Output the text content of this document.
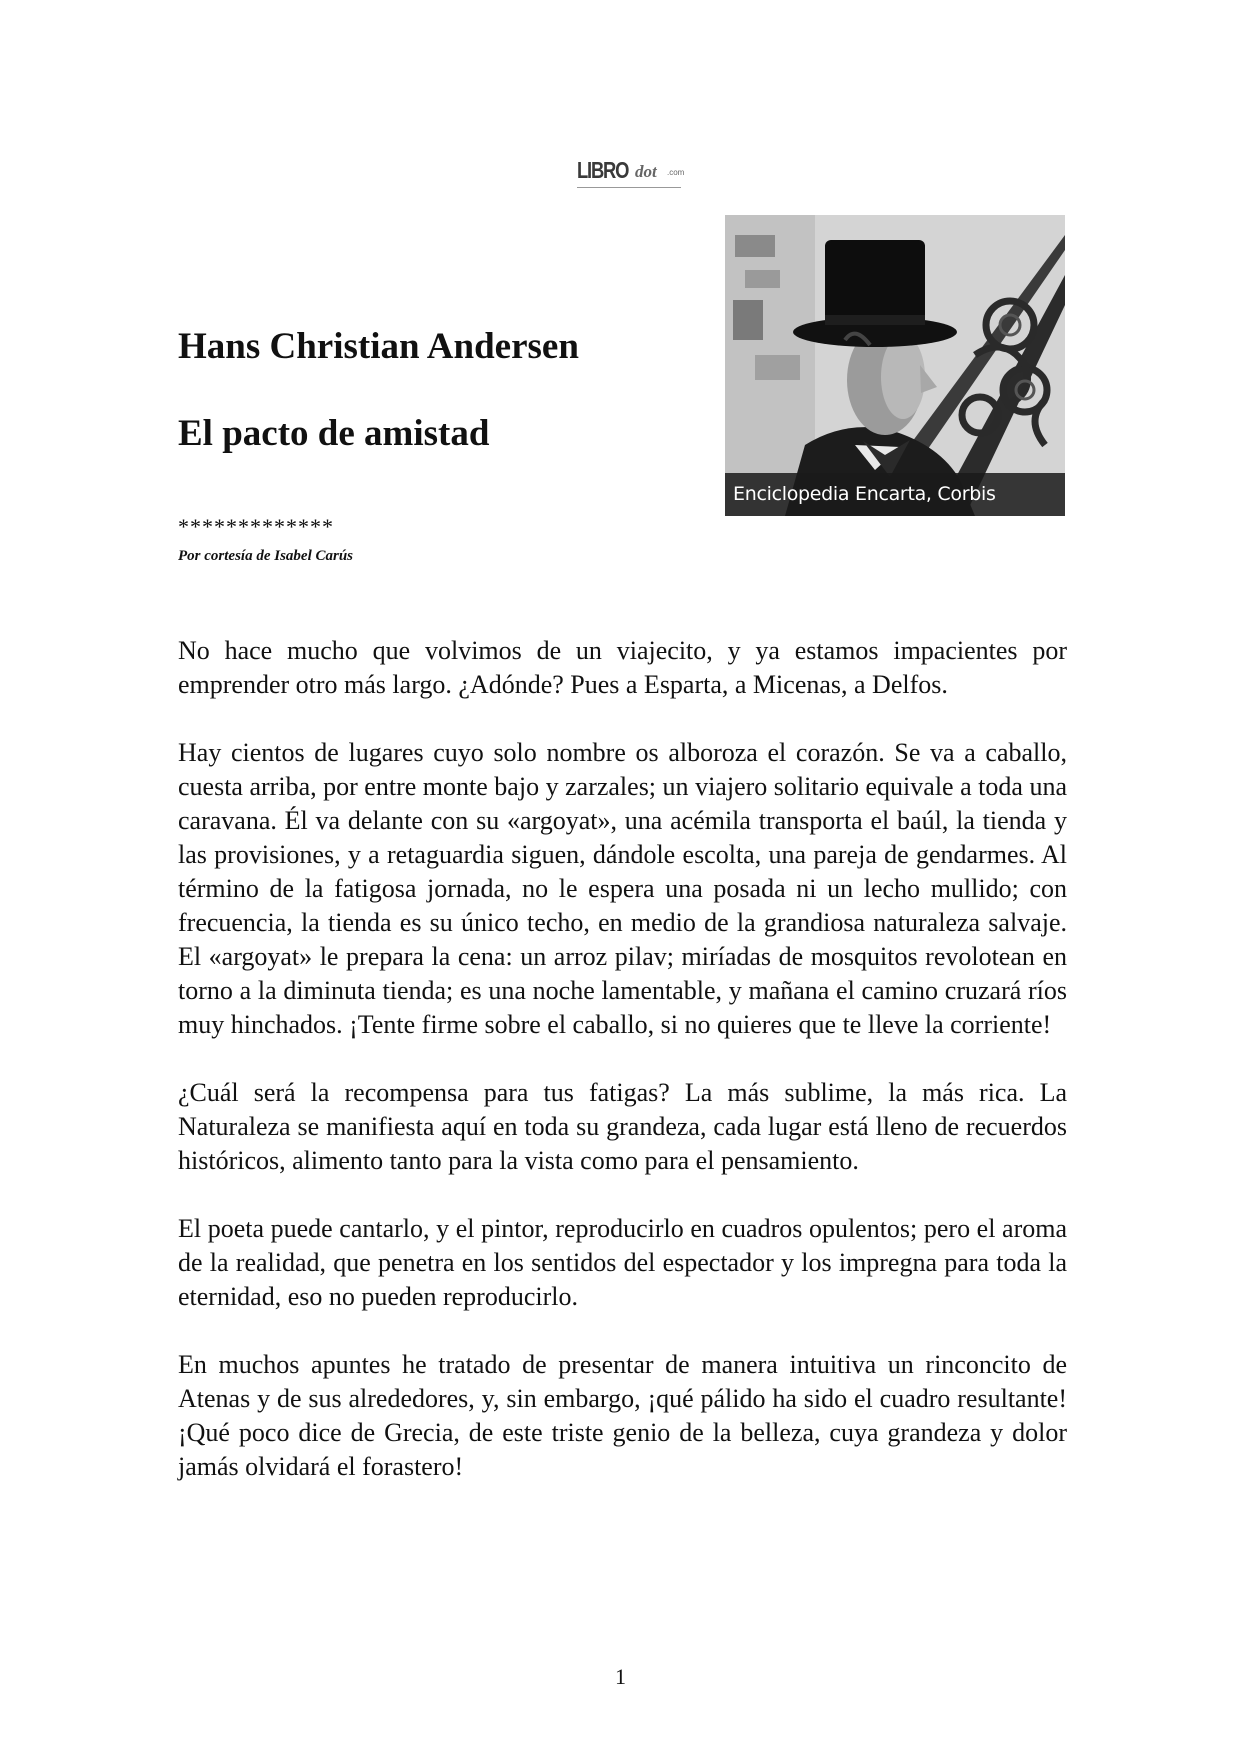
LIBRO dot .com
Enciclopedia Encarta, Corbis
Hans Christian Andersen
El pacto de amistad
*************
Por cortesía de Isabel Carús

No hace mucho que volvimos de un viajecito, y ya estamos impacientes por emprender otro más largo. ¿Adónde? Pues a Esparta, a Micenas, a Delfos.

Hay cientos de lugares cuyo solo nombre os alboroza el corazón. Se va a caballo, cuesta arriba, por entre monte bajo y zarzales; un viajero solitario equivale a toda una caravana. Él va delante con su «argoyat», una acémila transporta el baúl, la tienda y las provisiones, y a retaguardia siguen, dándole escolta, una pareja de gendarmes. Al término de la fatigosa jornada, no le espera una posada ni un lecho mullido; con frecuencia, la tienda es su único techo, en medio de la grandiosa naturaleza salvaje. El «argoyat» le prepara la cena: un arroz pilav; miríadas de mosquitos revolotean en torno a la diminuta tienda; es una noche lamentable, y mañana el camino cruzará ríos muy hinchados. ¡Tente firme sobre el caballo, si no quieres que te lleve la corriente!

¿Cuál será la recompensa para tus fatigas? La más sublime, la más rica. La Naturaleza se manifiesta aquí en toda su grandeza, cada lugar está lleno de recuerdos históricos, alimento tanto para la vista como para el pensamiento.

El poeta puede cantarlo, y el pintor, reproducirlo en cuadros opulentos; pero el aroma de la realidad, que penetra en los sentidos del espectador y los impregna para toda la eternidad, eso no pueden reproducirlo.

En muchos apuntes he tratado de presentar de manera intuitiva un rinconcito de Atenas y de sus alrededores, y, sin embargo, ¡qué pálido ha sido el cuadro resultante! ¡Qué poco dice de Grecia, de este triste genio de la belleza, cuya grandeza y dolor jamás olvidará el forastero!

1
